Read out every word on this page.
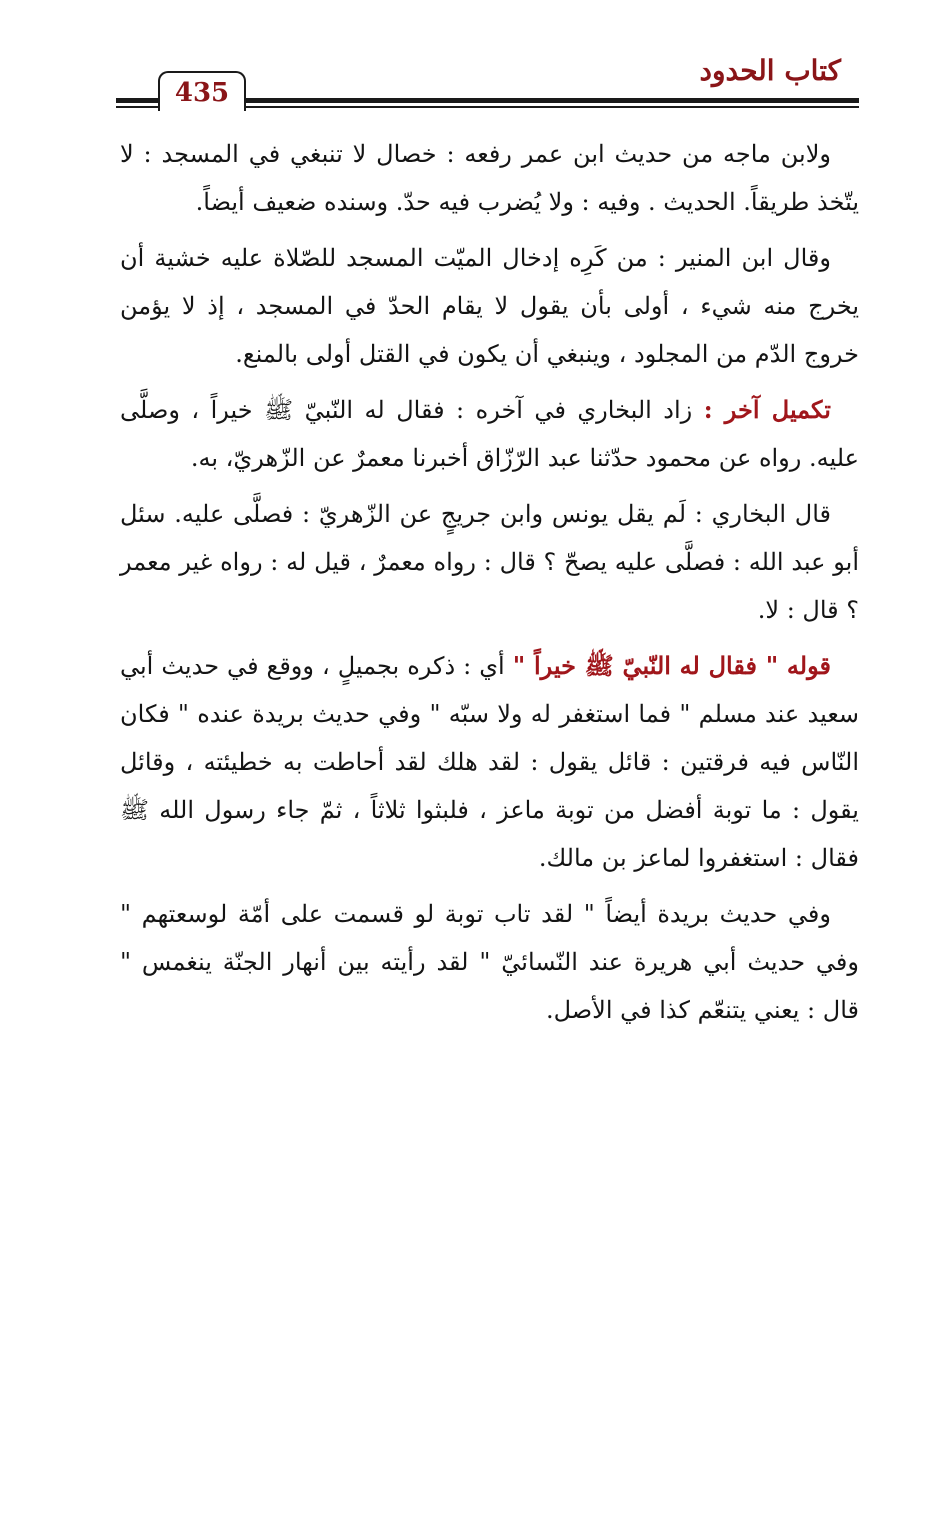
كتاب الحدود
435

ولابن ماجه من حديث ابن عمر رفعه : خصال لا تنبغي في المسجد : لا يتّخذ طريقاً. الحديث . وفيه : ولا يُضرب فيه حدّ. وسنده ضعيف أيضاً.

وقال ابن المنير : من كَرِه إدخال الميّت المسجد للصّلاة عليه خشية أن يخرج منه شيء ، أولى بأن يقول لا يقام الحدّ في المسجد ، إذ لا يؤمن خروج الدّم من المجلود ، وينبغي أن يكون في القتل أولى بالمنع.

تكميل آخر : زاد البخاري في آخره : فقال له النّبيّ ﷺ خيراً ، وصلَّى عليه. رواه عن محمود حدّثنا عبد الرّزّاق أخبرنا معمرٌ عن الزّهريّ، به.

قال البخاري : لَم يقل يونس وابن جريجٍ عن الزّهريّ : فصلَّى عليه. سئل أبو عبد الله : فصلَّى عليه يصحّ ؟ قال : رواه معمرٌ ، قيل له : رواه غير معمر ؟ قال : لا.

قوله " فقال له النّبيّ ﷺ خيراً " أي : ذكره بجميلٍ ، ووقع في حديث أبي سعيد عند مسلم " فما استغفر له ولا سبّه " وفي حديث بريدة عنده " فكان النّاس فيه فرقتين : قائل يقول : لقد هلك لقد أحاطت به خطيئته ، وقائل يقول : ما توبة أفضل من توبة ماعز ، فلبثوا ثلاثاً ، ثمّ جاء رسول الله ﷺ فقال : استغفروا لماعز بن مالك.

وفي حديث بريدة أيضاً " لقد تاب توبة لو قسمت على أمّة لوسعتهم " وفي حديث أبي هريرة عند النّسائيّ " لقد رأيته بين أنهار الجنّة ينغمس " قال : يعني يتنعّم كذا في الأصل.
